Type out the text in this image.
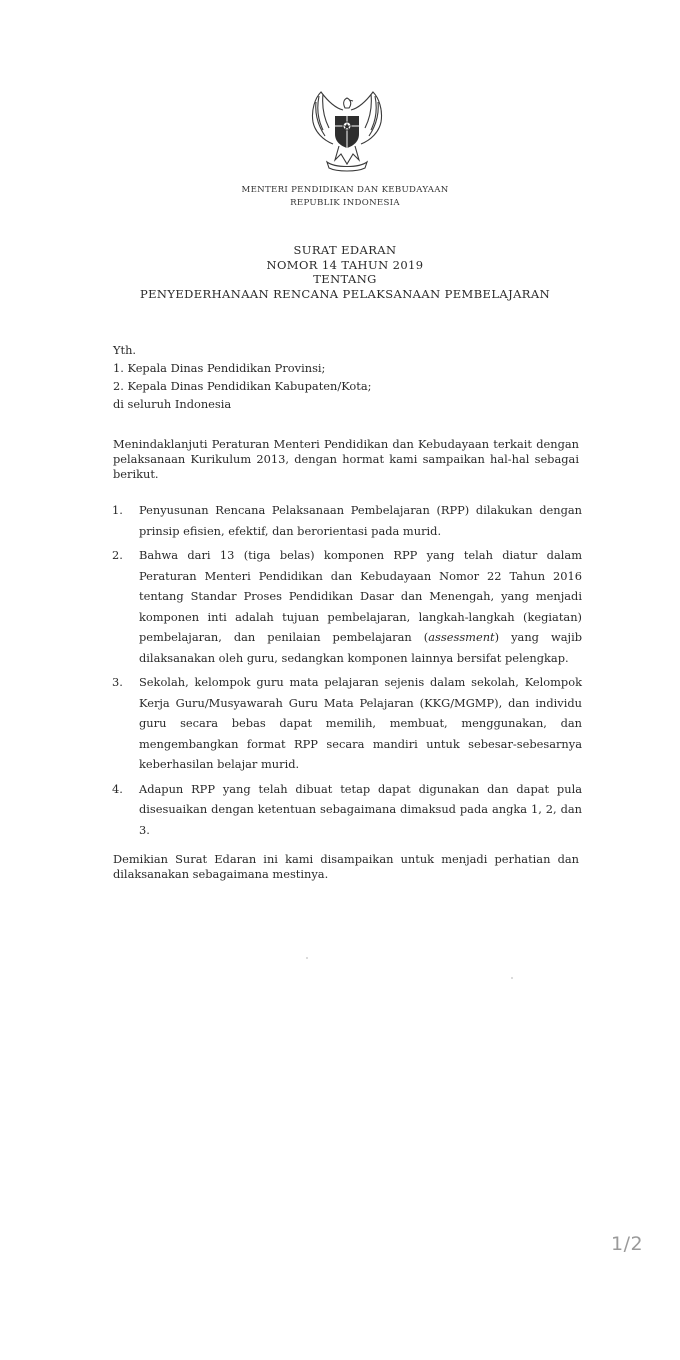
MENTERI PENDIDIKAN DAN KEBUDAYAAN
REPUBLIK INDONESIA
SURAT EDARAN
NOMOR 14 TAHUN 2019
TENTANG
PENYEDERHANAAN RENCANA PELAKSANAAN PEMBELAJARAN
Yth.
1. Kepala Dinas Pendidikan Provinsi;
2. Kepala Dinas Pendidikan Kabupaten/Kota;
di seluruh Indonesia
Menindaklanjuti Peraturan Menteri Pendidikan dan Kebudayaan terkait dengan pelaksanaan Kurikulum 2013, dengan hormat kami sampaikan hal-hal sebagai berikut.
1.	Penyusunan Rencana Pelaksanaan Pembelajaran (RPP) dilakukan dengan prinsip efisien, efektif, dan berorientasi pada murid.
2.	Bahwa dari 13 (tiga belas) komponen RPP yang telah diatur dalam Peraturan Menteri Pendidikan dan Kebudayaan Nomor 22 Tahun 2016 tentang Standar Proses Pendidikan Dasar dan Menengah, yang menjadi komponen inti adalah tujuan pembelajaran, langkah-langkah (kegiatan) pembelajaran, dan penilaian pembelajaran (assessment) yang wajib dilaksanakan oleh guru, sedangkan komponen lainnya bersifat pelengkap.
3.	Sekolah, kelompok guru mata pelajaran sejenis dalam sekolah, Kelompok Kerja Guru/Musyawarah Guru Mata Pelajaran (KKG/MGMP), dan individu guru secara bebas dapat memilih, membuat, menggunakan, dan mengembangkan format RPP secara mandiri untuk sebesar-sebesarnya keberhasilan belajar murid.
4.	Adapun RPP yang telah dibuat tetap dapat digunakan dan dapat pula disesuaikan dengan ketentuan sebagaimana dimaksud pada angka 1, 2, dan 3.
Demikian Surat Edaran ini kami disampaikan untuk menjadi perhatian dan dilaksanakan sebagaimana mestinya.
1/2
